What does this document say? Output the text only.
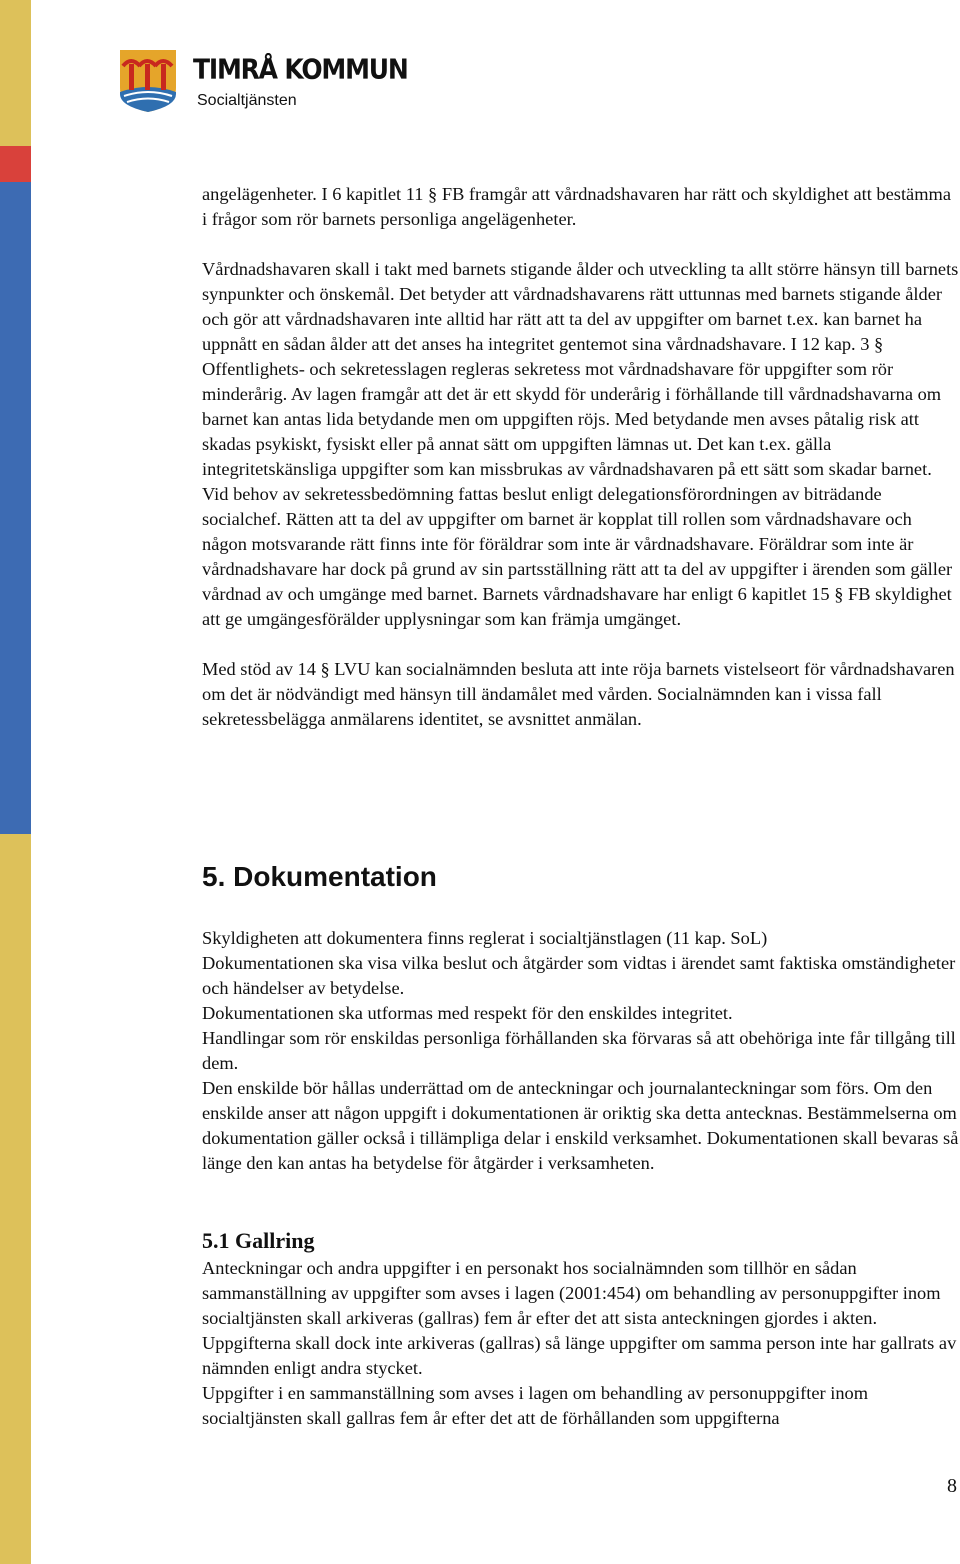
TIMRÅ KOMMUN
Socialtjänsten

angelägenheter. I 6 kapitlet 11 § FB framgår att vårdnadshavaren har rätt och skyldighet att bestämma i frågor som rör barnets personliga angelägenheter.

Vårdnadshavaren skall i takt med barnets stigande ålder och utveckling ta allt större hänsyn till barnets synpunkter och önskemål. Det betyder att vårdnadshavarens rätt uttunnas med barnets stigande ålder och gör att vårdnadshavaren inte alltid har rätt att ta del av uppgifter om barnet t.ex. kan barnet ha uppnått en sådan ålder att det anses ha integritet gentemot sina vårdnadshavare. I 12 kap. 3 § Offentlighets- och sekretesslagen regleras sekretess mot vårdnadshavare för uppgifter som rör minderårig. Av lagen framgår att det är ett skydd för underårig i förhållande till vårdnadshavarna om barnet kan antas lida betydande men om uppgiften röjs. Med betydande men avses påtalig risk att skadas psykiskt, fysiskt eller på annat sätt om uppgiften lämnas ut. Det kan t.ex. gälla integritetskänsliga uppgifter som kan missbrukas av vårdnadshavaren på ett sätt som skadar barnet. Vid behov av sekretessbedömning fattas beslut enligt delegationsförordningen av biträdande socialchef. Rätten att ta del av uppgifter om barnet är kopplat till rollen som vårdnadshavare och någon motsvarande rätt finns inte för föräldrar som inte är vårdnadshavare. Föräldrar som inte är vårdnadshavare har dock på grund av sin partsställning rätt att ta del av uppgifter i ärenden som gäller vårdnad av och umgänge med barnet. Barnets vårdnadshavare har enligt 6 kapitlet 15 § FB skyldighet att ge umgängesförälder upplysningar som kan främja umgänget.

Med stöd av 14 § LVU kan socialnämnden besluta att inte röja barnets vistelseort för vårdnadshavaren om det är nödvändigt med hänsyn till ändamålet med vården. Socialnämnden kan i vissa fall sekretessbelägga anmälarens identitet, se avsnittet anmälan.

5. Dokumentation

Skyldigheten att dokumentera finns reglerat i socialtjänstlagen (11 kap. SoL)

Dokumentationen ska visa vilka beslut och åtgärder som vidtas i ärendet samt faktiska omständigheter och händelser av betydelse.

Dokumentationen ska utformas med respekt för den enskildes integritet.

Handlingar som rör enskildas personliga förhållanden ska förvaras så att obehöriga inte får tillgång till dem.

Den enskilde bör hållas underrättad om de anteckningar och journalanteckningar som förs. Om den enskilde anser att någon uppgift i dokumentationen är oriktig ska detta antecknas. Bestämmelserna om dokumentation gäller också i tillämpliga delar i enskild verksamhet. Dokumentationen skall bevaras så länge den kan antas ha betydelse för åtgärder i verksamheten.

5.1 Gallring

Anteckningar och andra uppgifter i en personakt hos socialnämnden som tillhör en sådan sammanställning av uppgifter som avses i lagen (2001:454) om behandling av personuppgifter inom socialtjänsten skall arkiveras (gallras) fem år efter det att sista anteckningen gjordes i akten. Uppgifterna skall dock inte arkiveras (gallras) så länge uppgifter om samma person inte har gallrats av nämnden enligt andra stycket.

Uppgifter i en sammanställning som avses i lagen om behandling av personuppgifter inom socialtjänsten skall gallras fem år efter det att de förhållanden som uppgifterna

8
